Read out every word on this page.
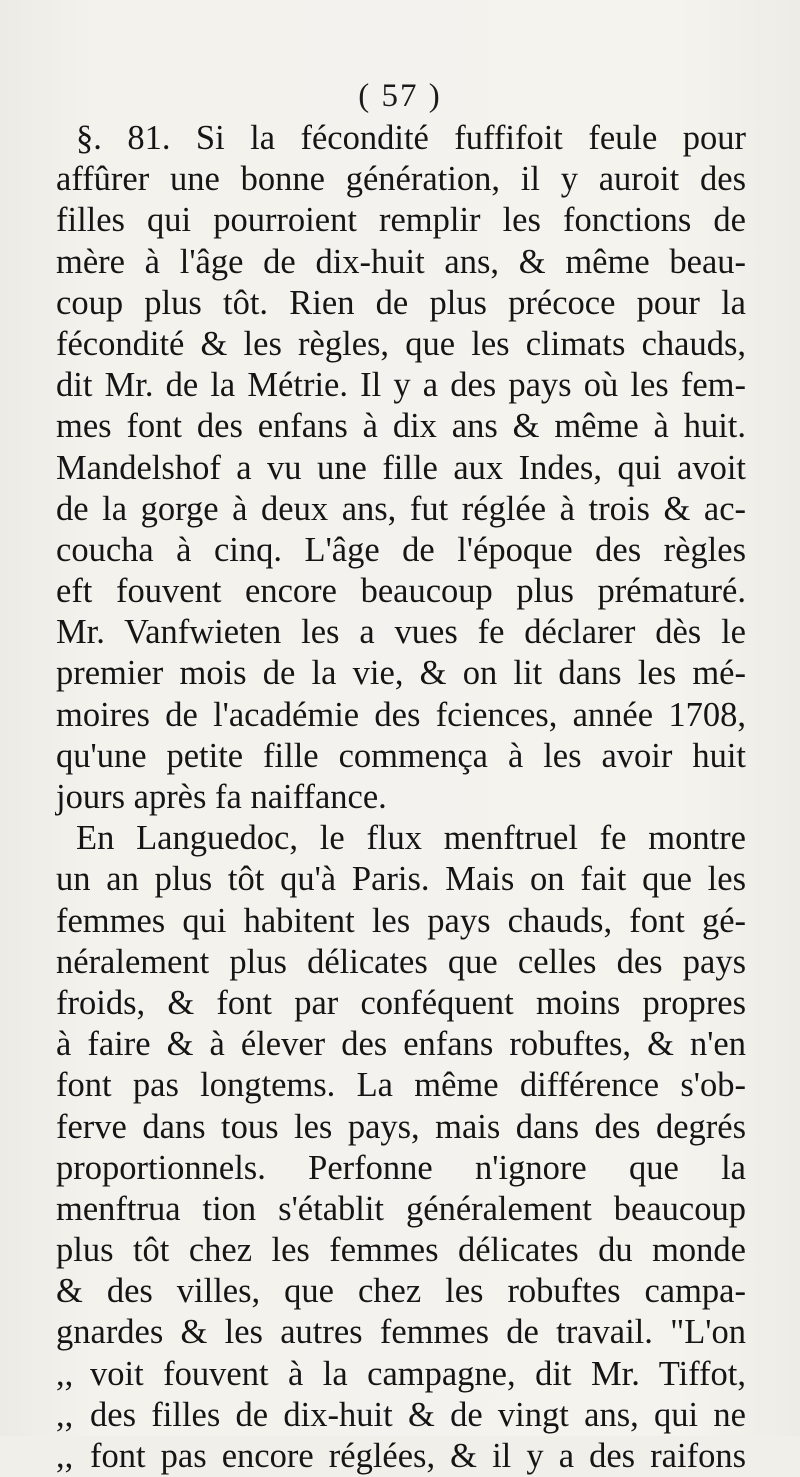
( 57 )
§. 81. Si la fécondité fuffifoit feule pour
affûrer une bonne génération, il y auroit des
filles qui pourroient remplir les fonctions de
mère à l'âge de dix-huit ans, & même beau-
coup plus tôt. Rien de plus précoce pour la
fécondité & les règles, que les climats chauds,
dit Mr. de la Métrie. Il y a des pays où les fem-
mes font des enfans à dix ans & même à huit.
Mandelshof a vu une fille aux Indes, qui avoit
de la gorge à deux ans, fut réglée à trois & ac-
coucha à cinq. L'âge de l'époque des règles
eft fouvent encore beaucoup plus prématuré.
Mr. Vanfwieten les a vues fe déclarer dès le
premier mois de la vie, & on lit dans les mé-
moires de l'académie des fciences, année 1708,
qu'une petite fille commença à les avoir huit
jours après fa naiffance.
En Languedoc, le flux menftruel fe montre
un an plus tôt qu'à Paris. Mais on fait que les
femmes qui habitent les pays chauds, font gé-
néralement plus délicates que celles des pays
froids, & font par conféquent moins propres
à faire & à élever des enfans robuftes, & n'en
font pas longtems. La même différence s'ob-
ferve dans tous les pays, mais dans des degrés
proportionnels. Perfonne n'ignore que la
menftrua tion s'établit généralement beaucoup
plus tôt chez les femmes délicates du monde
& des villes, que chez les robuftes campa-
gnardes & les autres femmes de travail. "L'on
,, voit fouvent à la campagne, dit Mr. Tiffot,
,, des filles de dix-huit & de vingt ans, qui ne
,, font pas encore réglées, & il y a des raifons
